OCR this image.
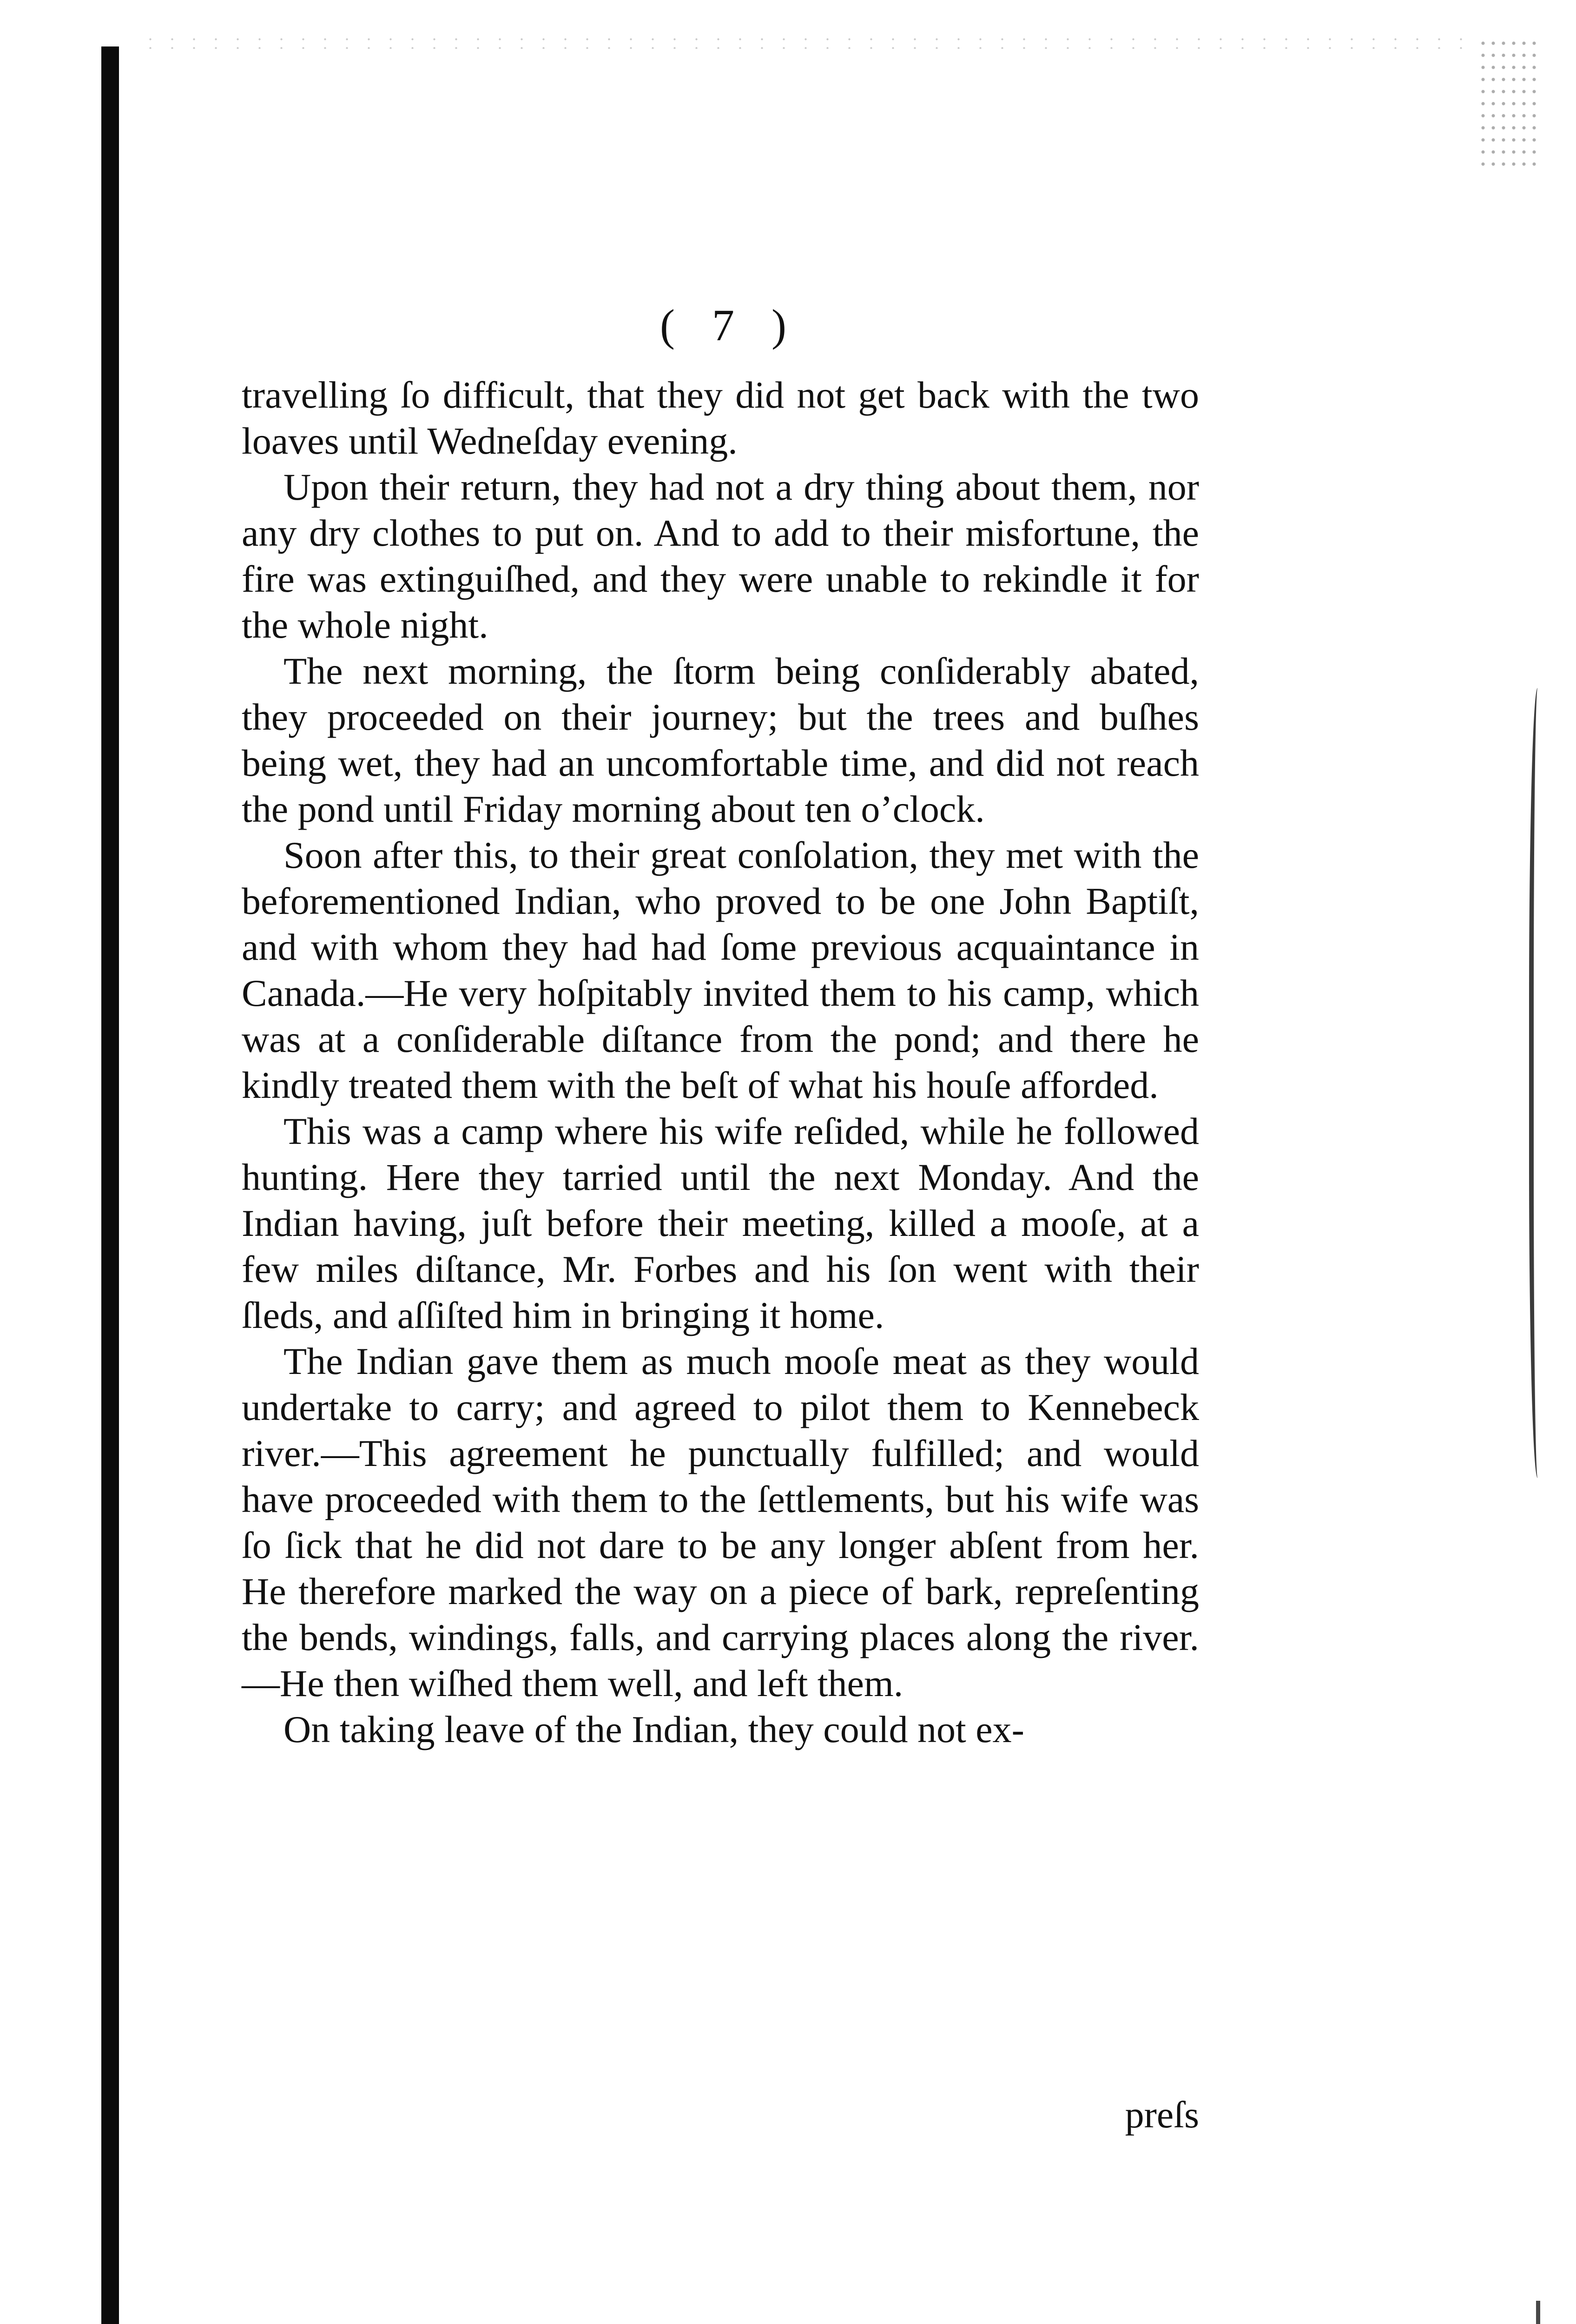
( 7 )

travelling ſo difficult, that they did not get back with the two loaves until Wedneſday evening.

Upon their return, they had not a dry thing about them, nor any dry clothes to put on. And to add to their misfortune, the fire was extinguiſhed, and they were unable to rekindle it for the whole night.

The next morning, the ſtorm being conſiderably abated, they proceeded on their journey; but the trees and buſhes being wet, they had an uncomfortable time, and did not reach the pond until Friday morning about ten o’clock.

Soon after this, to their great conſolation, they met with the beforementioned Indian, who proved to be one John Baptiſt, and with whom they had had ſome previous acquaintance in Canada.—He very hoſpitably invited them to his camp, which was at a conſiderable diſtance from the pond; and there he kindly treated them with the beſt of what his houſe afforded.

This was a camp where his wife reſided, while he followed hunting. Here they tarried until the next Monday. And the Indian having, juſt before their meeting, killed a mooſe, at a few miles diſtance, Mr. Forbes and his ſon went with their ſleds, and aſſiſted him in bringing it home.

The Indian gave them as much mooſe meat as they would undertake to carry; and agreed to pilot them to Kennebeck river.—This agreement he punctually fulfilled; and would have proceeded with them to the ſettlements, but his wife was ſo ſick that he did not dare to be any longer abſent from her. He therefore marked the way on a piece of bark, repreſenting the bends, windings, falls, and carrying places along the river.—He then wiſhed them well, and left them.

On taking leave of the Indian, they could not ex-

preſs
